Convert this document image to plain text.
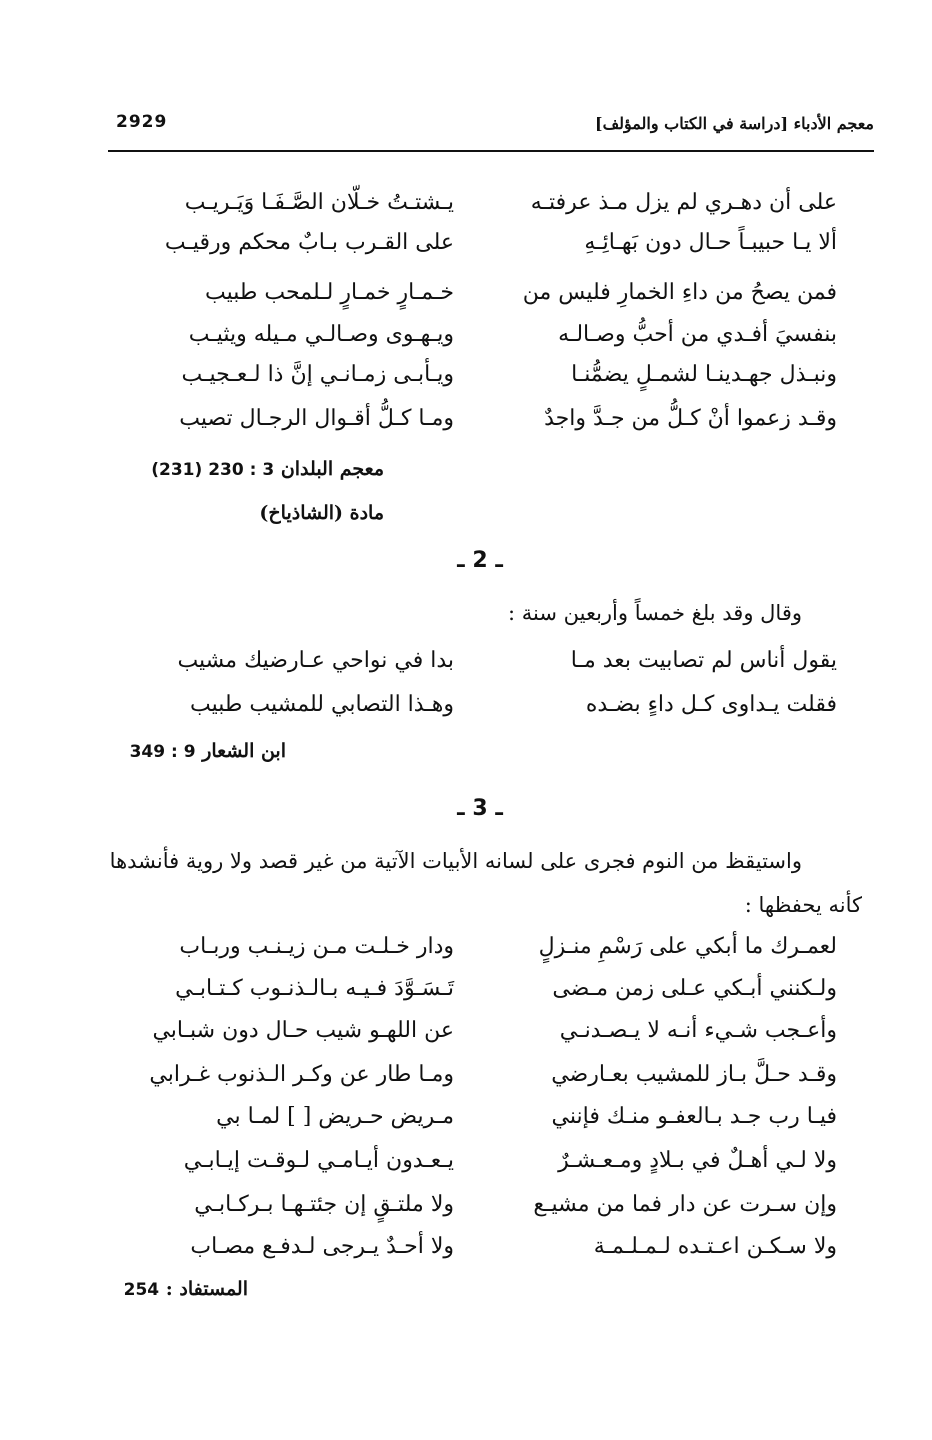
2929	معجم الأدباء [دراسة في الكتاب والمؤلف]
على أن دهـري لم يزل مـذ عرفتـه
ألا يـا حبيبـاً حـال دون بَهـائِـهِ
فمن يصحُ من داءِ الخمارِ فليس من
بنفسيَ أفـدي من أحبُّ وصـالـه
ونبـذل جهـدينـا لشمـلٍ يضمُّنـا
وقـد زعموا أنْ كـلُّ من جـدَّ واجدٌ
يـشتـتُ خـلّان الصَّـفَـا وَيَـريـب
على القـرب بـابٌ محكم ورقيـب
خـمـارٍ خمـارٍ لـلمحب طبيب
ويـهـوى وصـالـي مـيله ويثيـب
ويـأبـى زمـانـي إنَّ ذا لـعـجيـب
ومـا كـلُّ أقـوال الرجـال تصيب
معجم البلدان 3 : 230 (231)
مادة (الشاذياخ)
ـ 2 ـ
وقال وقد بلغ خمساً وأربعين سنة :
يقول أناس لم تصابيت بعد مـا
فقلت يـداوى كـل داءٍ بضـده
بدا في نواحي عـارضيك مشيب
وهـذا التصابي للمشيب طبيب
ابن الشعار 9 : 349
ـ 3 ـ
واستيقظ من النوم فجرى على لسانه الأبيات الآتية من غير قصد ولا روية فأنشدها
كأنه يحفظها :
لعمـرك ما أبكي على رَسْمِ منـزلٍ
ولـكنني أبـكي عـلى زمن مـضى
وأعـجب شـيء أنـه لا يـصـدنـي
وقـد حـلَّ بـاز للمشيب بعـارضي
فيـا رب جـد بـالعفـو منـك فإنني
ولا لـي أهـلٌ في بـلادٍ ومـعـشـرٌ
وإن سـرت عن دار فما من مشيـع
ولا سـكـن اعـتـده لـمـلـمـة
ودار خـلـت مـن زيـنـب وربـاب
تَـسَـوَّدَ فـيـه بـالـذنـوب كـتـابـي
عن اللهـو شيب حـال دون شبـابي
ومـا طار عن وكـر الـذنوب غـرابي
مـريض حـريض [ ] لمـا بي
يـعـدون أيـامـي لـوقـت إيـابـي
ولا ملتـقٍ إن جئتـهـا بـركـابـي
ولا أحـدٌ يـرجى لـدفـع مصـاب
المستفاد : 254
